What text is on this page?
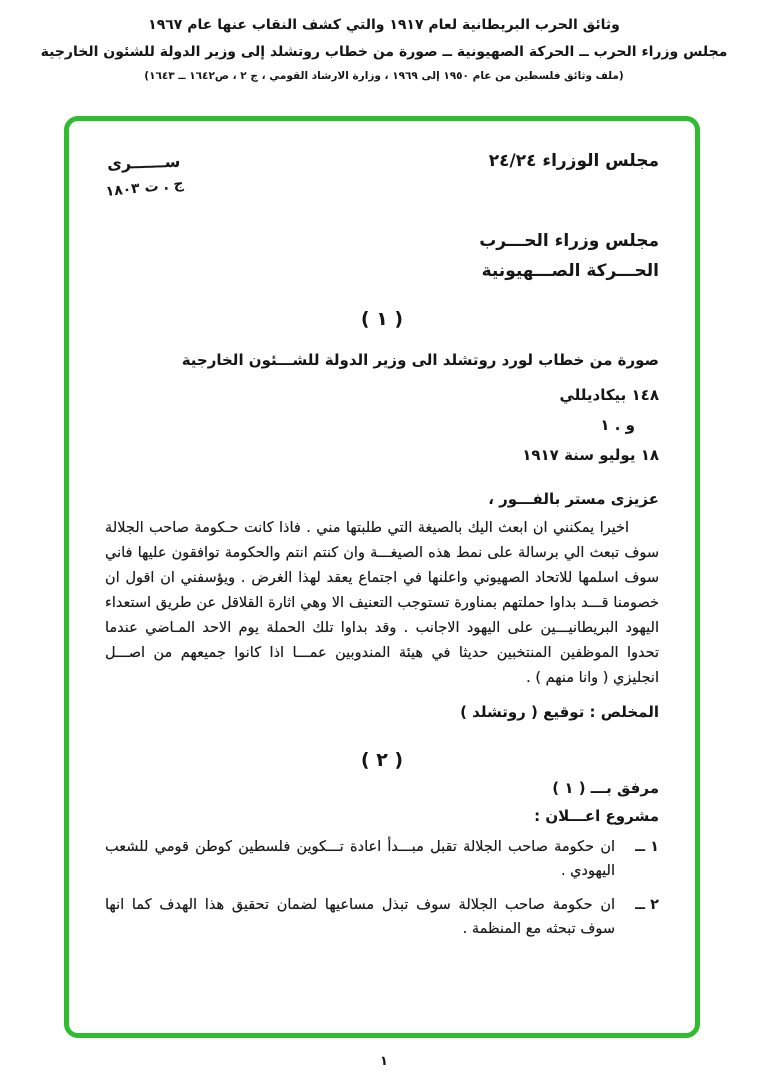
وثائق الحرب البريطانية لعام ١٩١٧ والتي كشف النقاب عنها عام ١٩٦٧
مجلس وزراء الحرب ــ الحركة الصهيونية ــ صورة من خطاب روتشلد إلى وزير الدولة للشئون الخارجية
(ملف وثائق فلسطين من عام ١٩٥٠ إلى ١٩٦٩ ، وزارة الارشاد القومي ، ج ٢ ، ص١٦٤٢ ــ ١٦٤٣)
مجلس الوزراء ٢٤/٢٤
ســــــرى
ج . ت ١٨٠٣
مجلس وزراء الحـــرب
الحـــركة الصـــهيونية
( ١ )
صورة من خطاب لورد روتشلد الى وزير الدولة للشـــئون الخارجية
١٤٨ بيكاديللي
و . ١
١٨ يوليو سنة ١٩١٧
عزيزى مستر بالفـــور ،

اخيرا يمكنني ان ابعث اليك بالصيغة التي طلبتها مني . فاذا كانت حـكومة صاحب الجلالة سوف تبعث الي برسالة على نمط هذه الصيغـــة وان كنتم انتم والحكومة توافقون عليها فاني سوف اسلمها للاتحاد الصهيوني واعلنها في اجتماع يعقد لهذا الغرض . ويؤسفني ان اقول ان خصومنا قـــد بداوا حملتهم بمناورة تستوجب التعنيف الا وهي اثارة القلاقل عن طريق استعداء اليهود البريطانيـــين على اليهود الاجانب . وقد بداوا تلك الحملة يوم الاحد المـاضي عندما تحدوا الموظفين المنتخبين حديثا في هيئة المندوبين عمـــا اذا كانوا جميعهم من اصـــل انجليزي ( وانا منهم ) .

المخلص : توقيع ( روتشلد )
( ٢ )
مرفق بـــ ( ١ )
مشروع اعـــلان :
١ ــ
ان حكومة صاحب الجلالة تقبل مبـــدأ اعادة تـــكوين فلسطين كوطن قومي للشعب اليهودي .
٢ ــ
ان حكومة صاحب الجلالة سوف تبذل مساعيها لضمان تحقيق هذا الهدف كما انها سوف تبحثه مع المنظمة .
١
